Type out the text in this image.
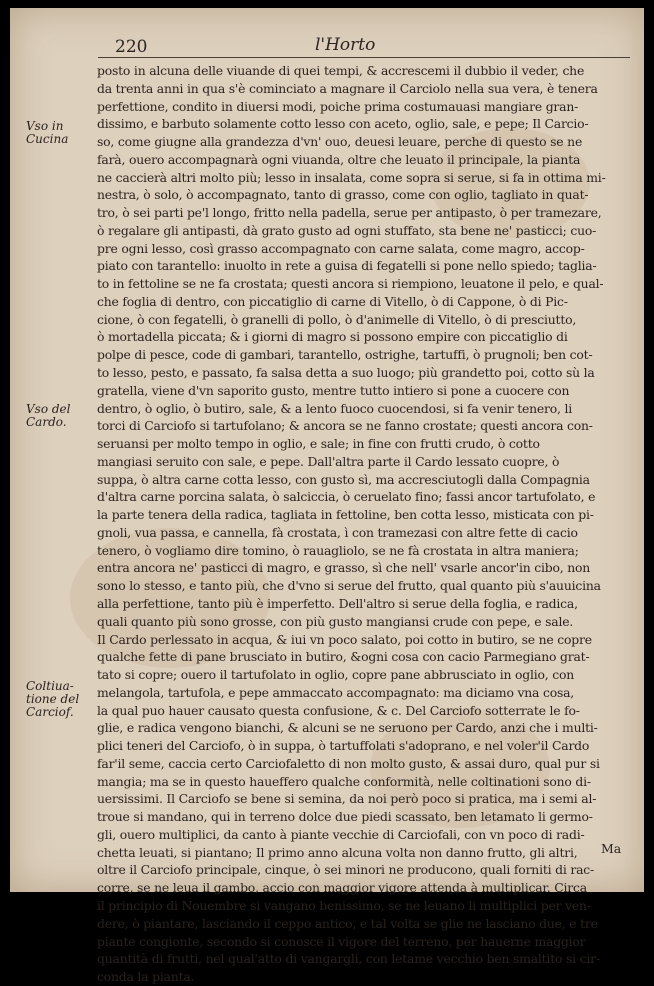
220	l'Horto
Vso in
Cucina
Vso del
Cardo.
Coltiua-
tione del
Carciof.
posto in alcuna delle viuande di quei tempi, & accrescemi il dubbio il veder, che
da trenta anni in qua s'è cominciato a magnare il Carciolo nella sua vera, è tenera
perfettione, condito in diuersi modi, poiche prima costumauasi mangiare gran-
dissimo, e barbuto solamente cotto lesso con aceto, oglio, sale, e pepe; Il Carcio-
so, come giugne alla grandezza d'vn' ouo, deuesi leuare, perche di questo se ne
farà, ouero accompagnarà ogni viuanda, oltre che leuato il principale, la pianta
ne caccierà altri molto più; lesso in insalata, come sopra si serue, si fa in ottima mi-
nestra, ò solo, ò accompagnato, tanto di grasso, come con oglio, tagliato in quat-
tro, ò sei parti pe'l longo, fritto nella padella, serue per antipasto, ò per tramezare,
ò regalare gli antipasti, dà grato gusto ad ogni stuffato, sta bene ne' pasticci; cuo-
pre ogni lesso, così grasso accompagnato con carne salata, come magro, accop-
piato con tarantello: inuolto in rete a guisa di fegatelli si pone nello spiedo; taglia-
to in fettoline se ne fa crostata; questi ancora si riempiono, leuatone il pelo, e qual-
che foglia di dentro, con piccatiglio di carne di Vitello, ò di Cappone, ò di Pic-
cione, ò con fegatelli, ò granelli di pollo, ò d'animelle di Vitello, ò di presciutto,
ò mortadella piccata; & i giorni di magro si possono empire con piccatiglio di
polpe di pesce, code di gambari, tarantello, ostrighe, tartuffi, ò prugnoli; ben cot-
to lesso, pesto, e passato, fa salsa detta a suo luogo; più grandetto poi, cotto sù la
gratella, viene d'vn saporito gusto, mentre tutto intiero si pone a cuocere con
dentro, ò oglio, ò butiro, sale, & a lento fuoco cuocendosi, si fa venir tenero, li
torci di Carciofo si tartufolano; & ancora se ne fanno crostate; questi ancora con-
seruansi per molto tempo in oglio, e sale; in fine con frutti crudo, ò cotto
mangiasi seruito con sale, e pepe. Dall'altra parte il Cardo lessato cuopre, ò
suppa, ò altra carne cotta lesso, con gusto sì, ma accresciutogli dalla Compagnia
d'altra carne porcina salata, ò salciccia, ò ceruelato fino; fassi ancor tartufolato, e
la parte tenera della radica, tagliata in fettoline, ben cotta lesso, misticata con pi-
gnoli, vua passa, e cannella, fà crostata, ì con tramezasi con altre fette di cacio
tenero, ò vogliamo dire tomino, ò rauagliolo, se ne fà crostata in altra maniera;
entra ancora ne' pasticci di magro, e grasso, sì che nell' vsarle ancor'in cibo, non
sono lo stesso, e tanto più, che d'vno si serue del frutto, qual quanto più s'auuicina
alla perfettione, tanto più è imperfetto. Dell'altro si serue della foglia, e radica,
quali quanto più sono grosse, con più gusto mangiansi crude con pepe, e sale.
Il Cardo perlessato in acqua, & iui vn poco salato, poi cotto in butiro, se ne copre
qualche fette di pane brusciato in butiro, &ogni cosa con cacio Parmegiano grat-
tato si copre; ouero il tartufolato in oglio, copre pane abbrusciato in oglio, con
melangola, tartufola, e pepe ammaccato accompagnato: ma diciamo vna cosa,
la qual puo hauer causato questa confusione, & c. Del Carciofo sotterrate le fo-
glie, e radica vengono bianchi, & alcuni se ne seruono per Cardo, anzi che i multi-
plici teneri del Carciofo, ò in suppa, ò tartuffolati s'adoprano, e nel voler'il Cardo
far'il seme, caccia certo Carciofaletto di non molto gusto, & assai duro, qual pur si
mangia; ma se in questo haueffero qualche conformità, nelle coltinationi sono di-
uersissimi. Il Carciofo se bene si semina, da noi però poco si pratica, ma i semi al-
troue si mandano, qui in terreno dolce due piedi scassato, ben letamato li germo-
gli, ouero multiplici, da canto à piante vecchie di Carciofali, con vn poco di radi-
chetta leuati, si piantano; Il primo anno alcuna volta non danno frutto, gli altri,
oltre il Carciofo principale, cinque, ò sei minori ne producono, quali forniti di rac-
corre, se ne leua il gambo, accio con maggior vigore attenda à multiplicar. Circa
il principio di Nouembre si vangano benissimo, se ne leuano li multiplici per ven-
dere, ò piantare, lasciando il ceppo antico, e tal volta se glie ne lasciano due, e tre
piante congionte, secondo si conosce il vigore del terreno, per hauerne maggior
quantità di frutti, nel qual'atto di vangargli, con letame vecchio ben smaltito si cir-
conda la pianta.
Ma
